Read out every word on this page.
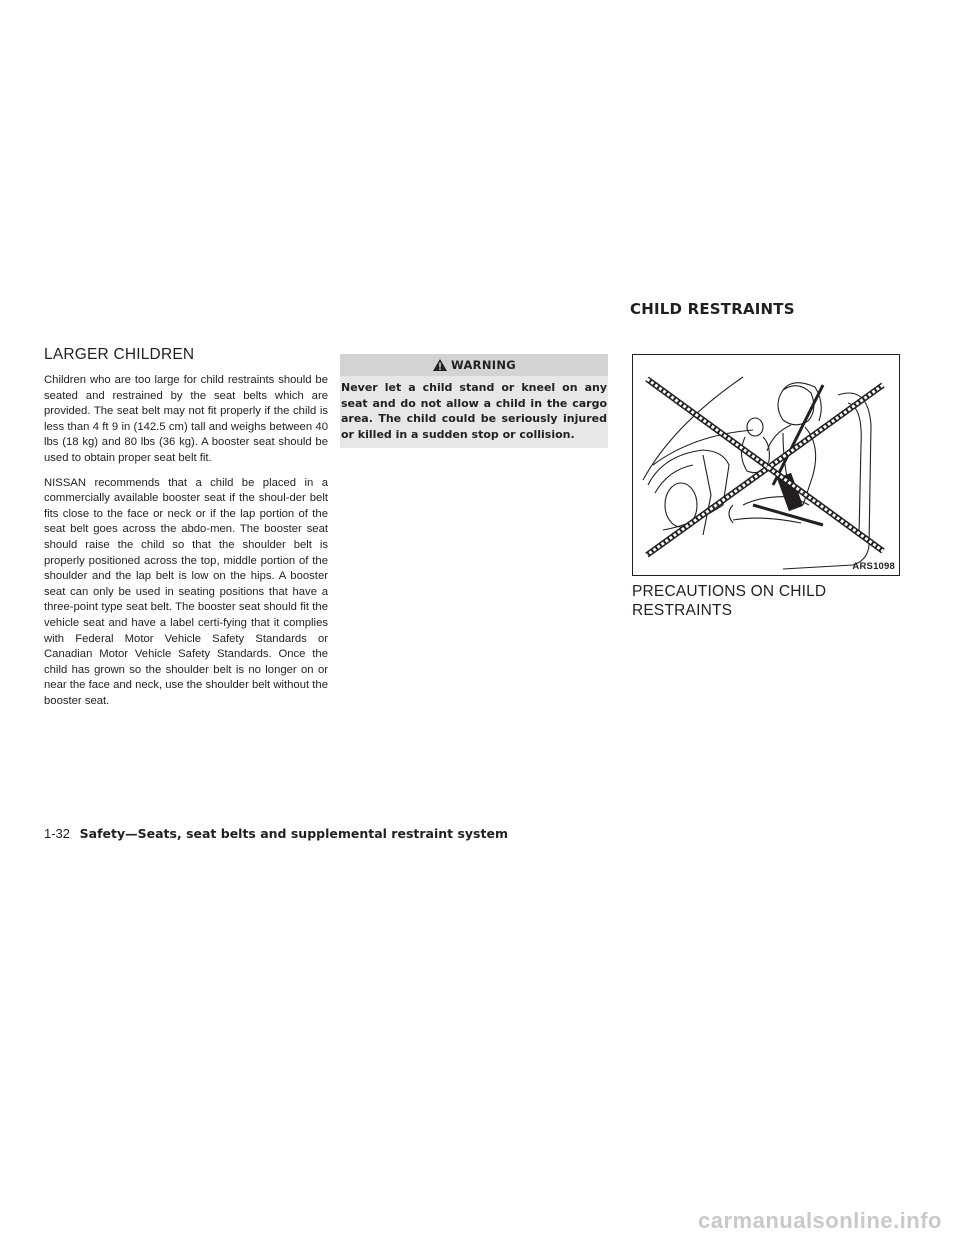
CHILD RESTRAINTS
LARGER CHILDREN

Children who are too large for child restraints should be seated and restrained by the seat belts which are provided. The seat belt may not fit properly if the child is less than 4 ft 9 in (142.5 cm) tall and weighs between 40 lbs (18 kg) and 80 lbs (36 kg). A booster seat should be used to obtain proper seat belt fit.

NISSAN recommends that a child be placed in a commercially available booster seat if the shoul-der belt fits close to the face or neck or if the lap portion of the seat belt goes across the abdo-men. The booster seat should raise the child so that the shoulder belt is properly positioned across the top, middle portion of the shoulder and the lap belt is low on the hips. A booster seat can only be used in seating positions that have a three-point type seat belt. The booster seat should fit the vehicle seat and have a label certi-fying that it complies with Federal Motor Vehicle Safety Standards or Canadian Motor Vehicle Safety Standards. Once the child has grown so the shoulder belt is no longer on or near the face and neck, use the shoulder belt without the booster seat.

WARNING
Never let a child stand or kneel on any seat and do not allow a child in the cargo area. The child could be seriously injured or killed in a sudden stop or collision.
ARS1098
PRECAUTIONS ON CHILD RESTRAINTS
1-32 Safety—Seats, seat belts and supplemental restraint system
carmanualsonline.info
